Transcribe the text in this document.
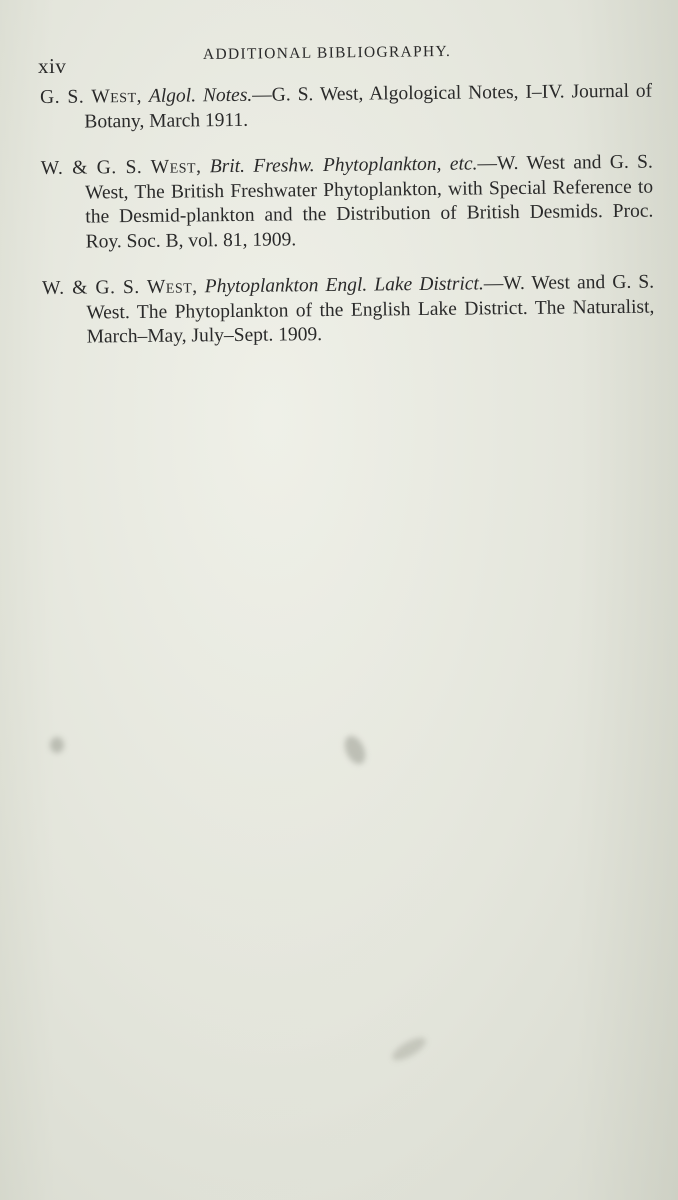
xiv
ADDITIONAL BIBLIOGRAPHY.

G. S. West, Algol. Notes.—G. S. West, Algological Notes, I–IV. Journal of Botany, March 1911.

W. & G. S. West, Brit. Freshw. Phytoplankton, etc.—W. West and G. S. West, The British Freshwater Phytoplankton, with Special Reference to the Desmid-plankton and the Distribution of British Desmids. Proc. Roy. Soc. B, vol. 81, 1909.

W. & G. S. West, Phytoplankton Engl. Lake District.—W. West and G. S. West. The Phytoplankton of the English Lake District. The Naturalist, March–May, July–Sept. 1909.
